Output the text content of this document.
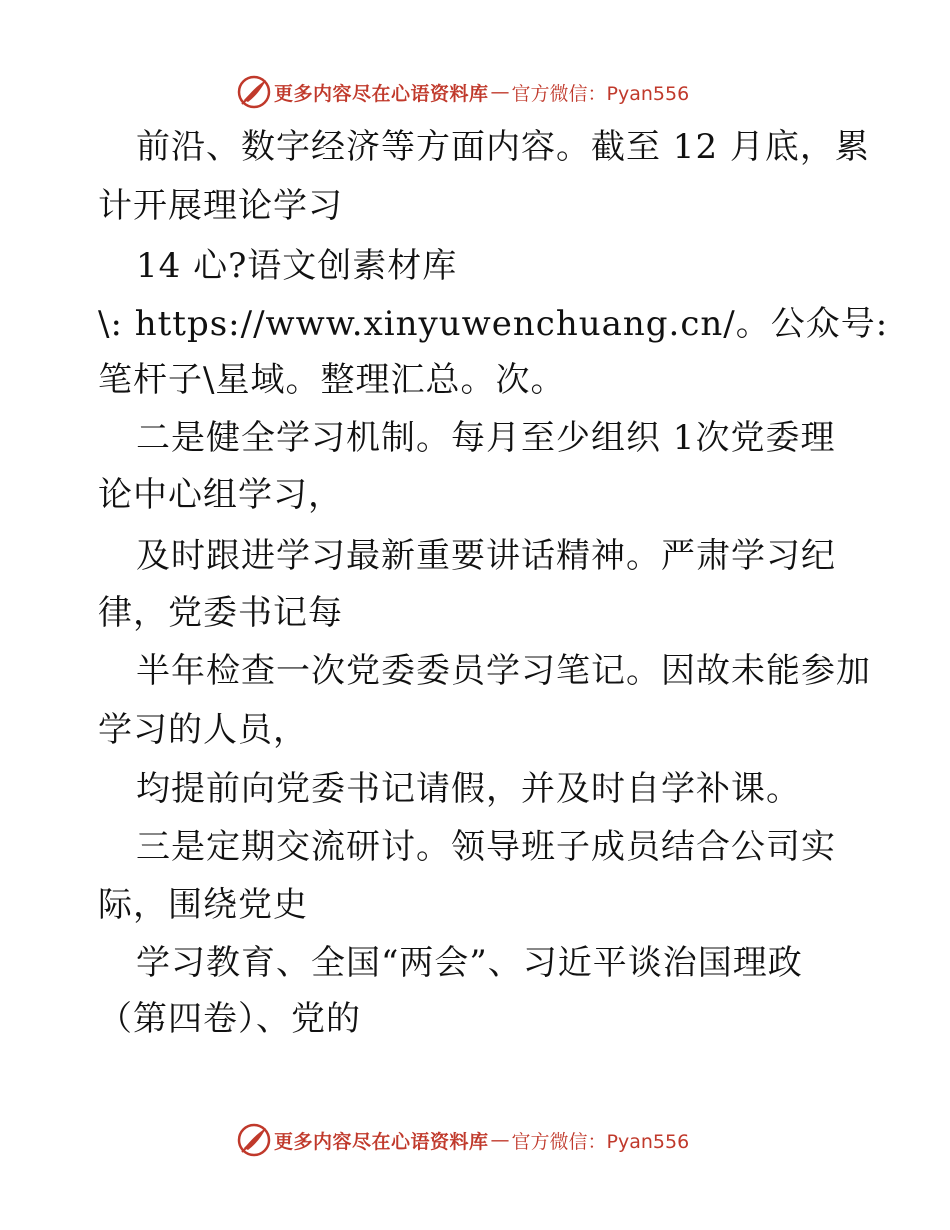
更多内容尽在心语资料库 — 官方微信：Pyan556
前沿、数字经济等方面内容。截至 12 月底，累
计开展理论学习
14 心?语文创素材库
\: https://www.xinyuwenchuang.cn/。公众号:
笔杆子\星域。整理汇总。次。
二是健全学习机制。每月至少组织 1次党委理
论中心组学习，
及时跟进学习最新重要讲话精神。严肃学习纪
律，党委书记每
半年检查一次党委委员学习笔记。因故未能参加
学习的人员，
均提前向党委书记请假，并及时自学补课。
三是定期交流研讨。领导班子成员结合公司实
际，围绕党史
学习教育、全国“两会”、习近平谈治国理政
（第四卷）、党的
更多内容尽在心语资料库 — 官方微信：Pyan556
